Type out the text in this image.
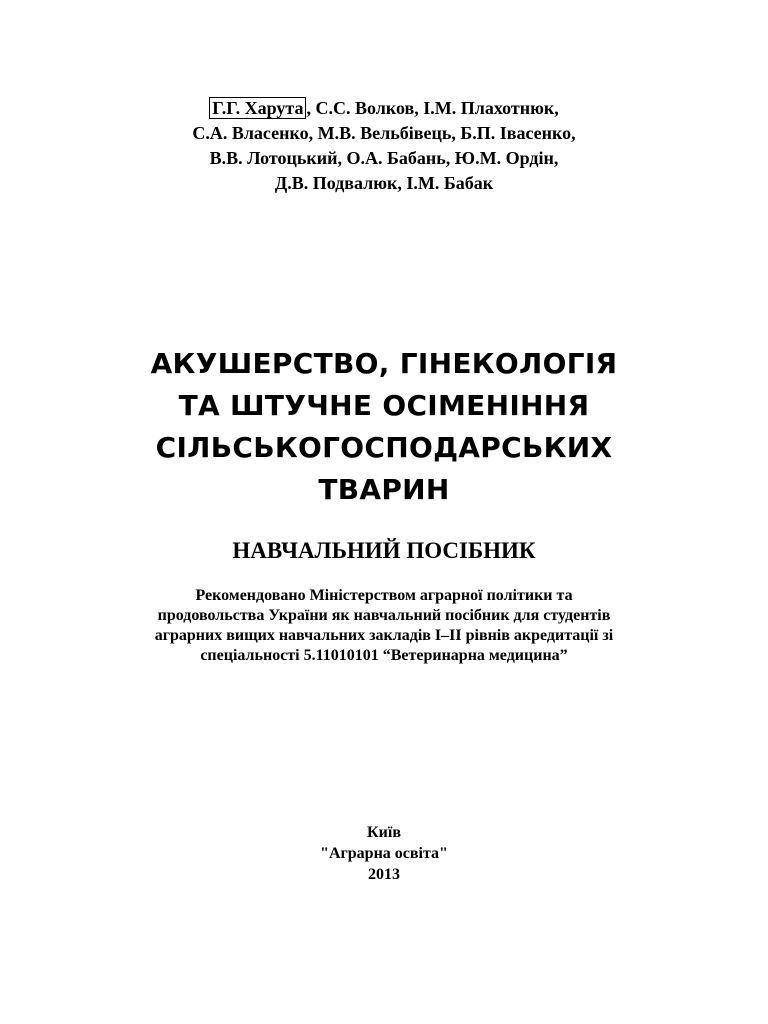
Г.Г. Харута , С.С. Волков, І.М. Плахотнюк,
С.А. Власенко, М.В. Вельбівець, Б.П. Івасенко,
В.В. Лотоцький, О.А. Бабань, Ю.М. Ордін,
Д.В. Подвалюк, І.М. Бабак
АКУШЕРСТВО, ГІНЕКОЛОГІЯ
ТА ШТУЧНЕ ОСІМЕНІННЯ
СІЛЬСЬКОГОСПОДАРСЬКИХ
ТВАРИН
НАВЧАЛЬНИЙ ПОСІБНИК
Рекомендовано Міністерством аграрної політики та
продовольства України як навчальний посібник для студентів
аграрних вищих навчальних закладів І–ІІ рівнів акредитації зі
спеціальності 5.11010101 “Ветеринарна медицина”
Київ
"Аграрна освіта"
2013
